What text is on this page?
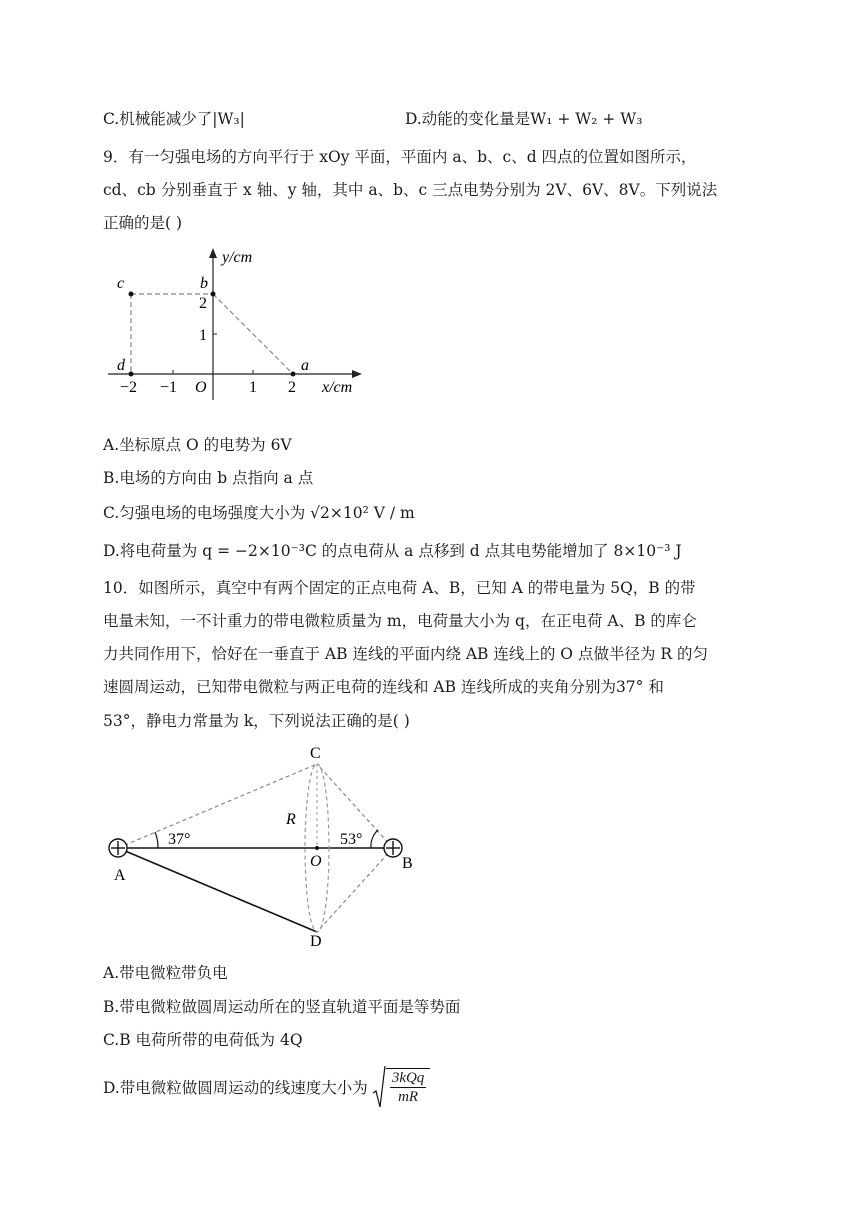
C.机械能减少了|W₃|	D.动能的变化量是W₁ + W₂ + W₃
9．有一匀强电场的方向平行于 xOy 平面，平面内 a、b、c、d 四点的位置如图所示，
cd、cb 分别垂直于 x 轴、y 轴，其中 a、b、c 三点电势分别为 2V、6V、8V。下列说法
正确的是( )
y/cm
x/cm
O
c	b
d	a
−2 −1	1 2
1
2
A.坐标原点 O 的电势为 6V
B.电场的方向由 b 点指向 a 点
C.匀强电场的电场强度大小为 √2×10² V / m
D.将电荷量为 q = −2×10⁻³C 的点电荷从 a 点移到 d 点其电势能增加了 8×10⁻³ J
10．如图所示，真空中有两个固定的正点电荷 A、B，已知 A 的带电量为 5Q，B 的带
电量未知，一不计重力的带电微粒质量为 m，电荷量大小为 q，在正电荷 A、B 的库仑
力共同作用下，恰好在一垂直于 AB 连线的平面内绕 AB 连线上的 O 点做半径为 R 的匀
速圆周运动，已知带电微粒与两正电荷的连线和 AB 连线所成的夹角分别为37° 和
53°，静电力常量为 k，下列说法正确的是( )
C
D
A
B
O
R
37°	53°
A.带电微粒带负电
B.带电微粒做圆周运动所在的竖直轨道平面是等势面
C.B 电荷所带的电荷低为 4Q
D.带电微粒做圆周运动的线速度大小为
3kQq
mR
